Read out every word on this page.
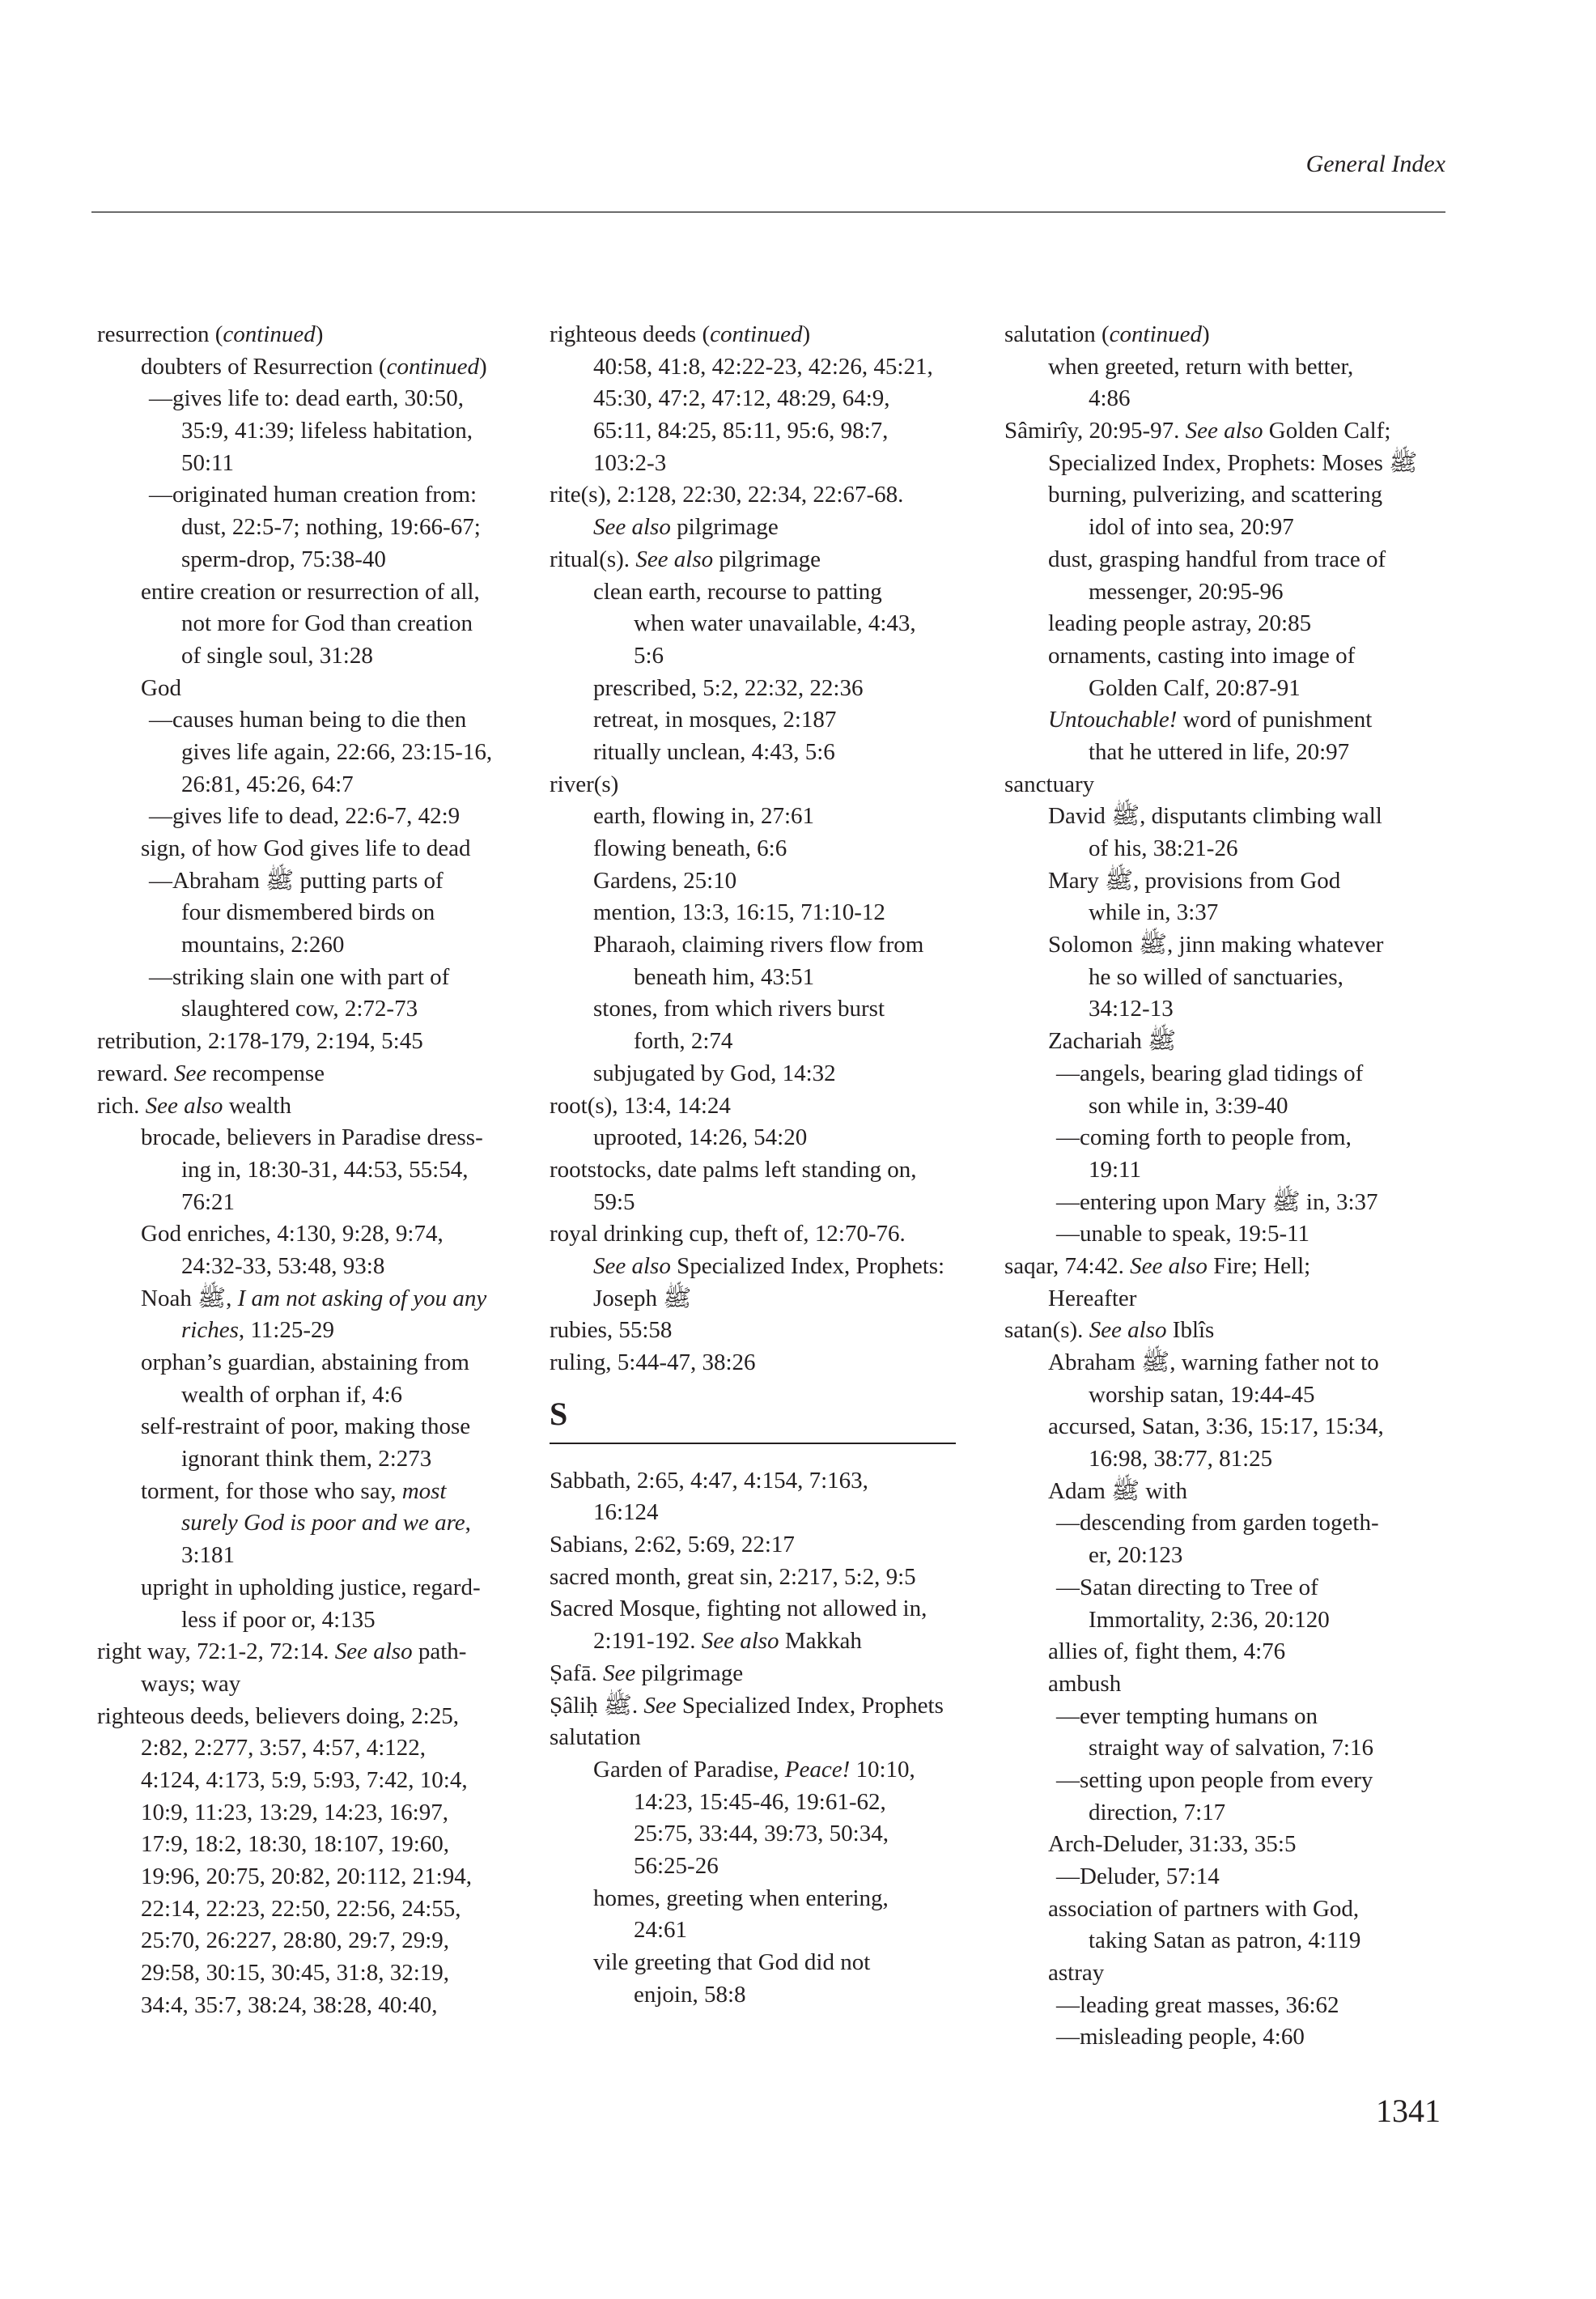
General Index
resurrection (continued)
doubters of Resurrection (continued)
—gives life to: dead earth, 30:50,
35:9, 41:39; lifeless habitation,
50:11
—originated human creation from:
dust, 22:5-7; nothing, 19:66-67;
sperm-drop, 75:38-40
entire creation or resurrection of all,
not more for God than creation
of single soul, 31:28
God
—causes human being to die then
gives life again, 22:66, 23:15-16,
26:81, 45:26, 64:7
—gives life to dead, 22:6-7, 42:9
sign, of how God gives life to dead
—Abraham ﷺ putting parts of
four dismembered birds on
mountains, 2:260
—striking slain one with part of
slaughtered cow, 2:72-73
retribution, 2:178-179, 2:194, 5:45
reward. See recompense
rich. See also wealth
brocade, believers in Paradise dress-
ing in, 18:30-31, 44:53, 55:54,
76:21
God enriches, 4:130, 9:28, 9:74,
24:32-33, 53:48, 93:8
Noah ﷺ, I am not asking of you any
riches, 11:25-29
orphan’s guardian, abstaining from
wealth of orphan if, 4:6
self-restraint of poor, making those
ignorant think them, 2:273
torment, for those who say, most
surely God is poor and we are,
3:181
upright in upholding justice, regard-
less if poor or, 4:135
right way, 72:1-2, 72:14. See also path-
ways; way
righteous deeds, believers doing, 2:25,
2:82, 2:277, 3:57, 4:57, 4:122,
4:124, 4:173, 5:9, 5:93, 7:42, 10:4,
10:9, 11:23, 13:29, 14:23, 16:97,
17:9, 18:2, 18:30, 18:107, 19:60,
19:96, 20:75, 20:82, 20:112, 21:94,
22:14, 22:23, 22:50, 22:56, 24:55,
25:70, 26:227, 28:80, 29:7, 29:9,
29:58, 30:15, 30:45, 31:8, 32:19,
34:4, 35:7, 38:24, 38:28, 40:40,
righteous deeds (continued)
40:58, 41:8, 42:22-23, 42:26, 45:21,
45:30, 47:2, 47:12, 48:29, 64:9,
65:11, 84:25, 85:11, 95:6, 98:7,
103:2-3
rite(s), 2:128, 22:30, 22:34, 22:67-68.
See also pilgrimage
ritual(s). See also pilgrimage
clean earth, recourse to patting
when water unavailable, 4:43,
5:6
prescribed, 5:2, 22:32, 22:36
retreat, in mosques, 2:187
ritually unclean, 4:43, 5:6
river(s)
earth, flowing in, 27:61
flowing beneath, 6:6
Gardens, 25:10
mention, 13:3, 16:15, 71:10-12
Pharaoh, claiming rivers flow from
beneath him, 43:51
stones, from which rivers burst
forth, 2:74
subjugated by God, 14:32
root(s), 13:4, 14:24
uprooted, 14:26, 54:20
rootstocks, date palms left standing on,
59:5
royal drinking cup, theft of, 12:70-76.
See also Specialized Index, Prophets:
Joseph ﷺ
rubies, 55:58
ruling, 5:44-47, 38:26
S
Sabbath, 2:65, 4:47, 4:154, 7:163,
16:124
Sabians, 2:62, 5:69, 22:17
sacred month, great sin, 2:217, 5:2, 9:5
Sacred Mosque, fighting not allowed in,
2:191-192. See also Makkah
Ṣafā. See pilgrimage
Ṣâliḥ ﷺ. See Specialized Index, Prophets
salutation
Garden of Paradise, Peace! 10:10,
14:23, 15:45-46, 19:61-62,
25:75, 33:44, 39:73, 50:34,
56:25-26
homes, greeting when entering,
24:61
vile greeting that God did not
enjoin, 58:8
salutation (continued)
when greeted, return with better,
4:86
Sâmirîy, 20:95-97. See also Golden Calf;
Specialized Index, Prophets: Moses ﷺ
burning, pulverizing, and scattering
idol of into sea, 20:97
dust, grasping handful from trace of
messenger, 20:95-96
leading people astray, 20:85
ornaments, casting into image of
Golden Calf, 20:87-91
Untouchable! word of punishment
that he uttered in life, 20:97
sanctuary
David ﷺ, disputants climbing wall
of his, 38:21-26
Mary ﷺ, provisions from God
while in, 3:37
Solomon ﷺ, jinn making whatever
he so willed of sanctuaries,
34:12-13
Zachariah ﷺ
—angels, bearing glad tidings of
son while in, 3:39-40
—coming forth to people from,
19:11
—entering upon Mary ﷺ in, 3:37
—unable to speak, 19:5-11
saqar, 74:42. See also Fire; Hell;
Hereafter
satan(s). See also Iblîs
Abraham ﷺ, warning father not to
worship satan, 19:44-45
accursed, Satan, 3:36, 15:17, 15:34,
16:98, 38:77, 81:25
Adam ﷺ with
—descending from garden togeth-
er, 20:123
—Satan directing to Tree of
Immortality, 2:36, 20:120
allies of, fight them, 4:76
ambush
—ever tempting humans on
straight way of salvation, 7:16
—setting upon people from every
direction, 7:17
Arch-Deluder, 31:33, 35:5
—Deluder, 57:14
association of partners with God,
taking Satan as patron, 4:119
astray
—leading great masses, 36:62
—misleading people, 4:60
1341
